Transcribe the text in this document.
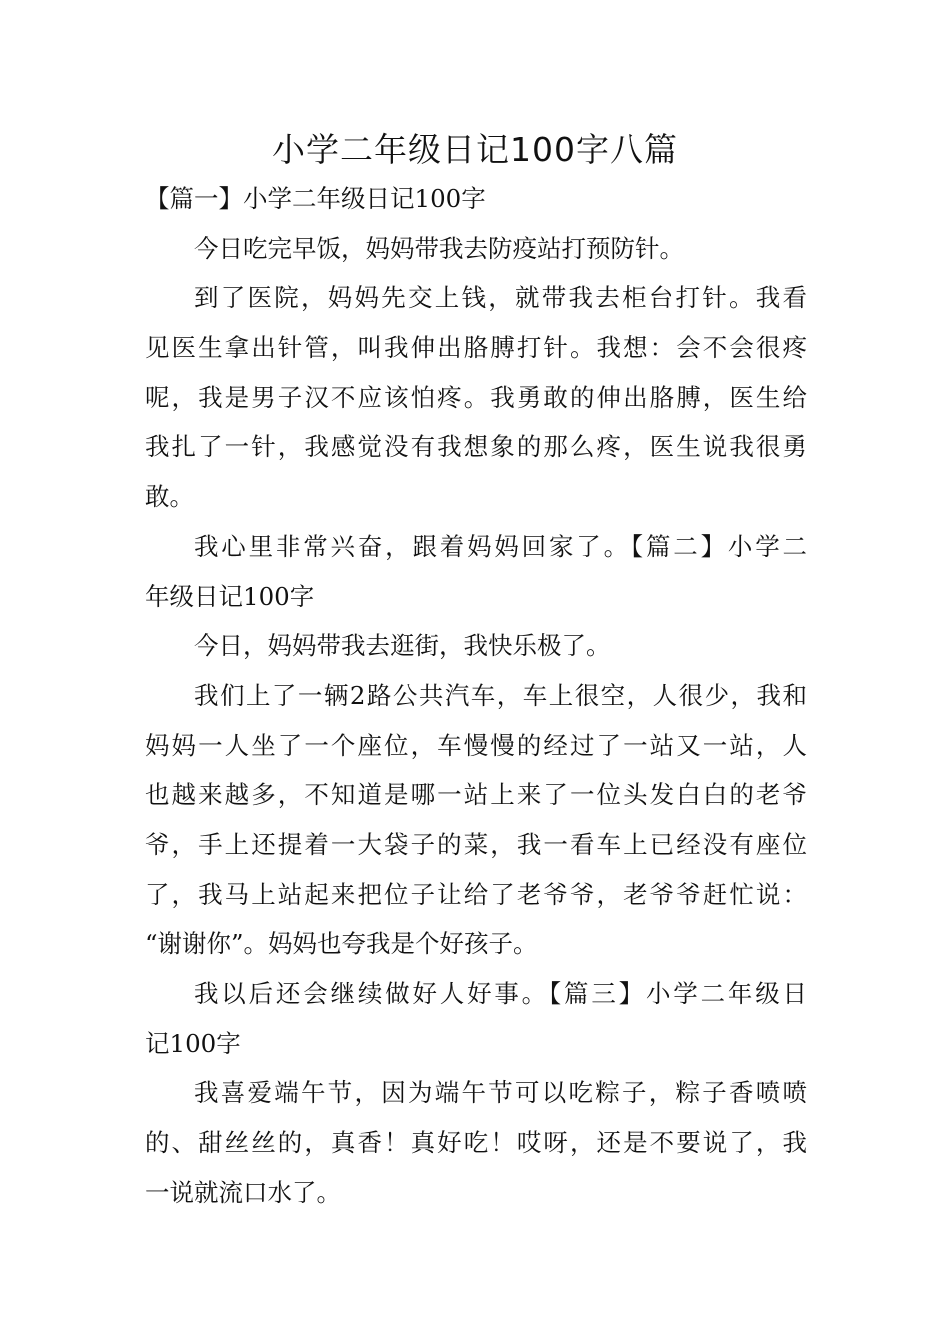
小学二年级日记100字八篇

【篇一】小学二年级日记100字

今日吃完早饭，妈妈带我去防疫站打预防针。

到了医院，妈妈先交上钱，就带我去柜台打针。我看

见医生拿出针管，叫我伸出胳膊打针。我想：会不会很疼

呢，我是男子汉不应该怕疼。我勇敢的伸出胳膊，医生给

我扎了一针，我感觉没有我想象的那么疼，医生说我很勇

敢。

我心里非常兴奋，跟着妈妈回家了。【篇二】小学二

年级日记100字

今日，妈妈带我去逛街，我快乐极了。

我们上了一辆2路公共汽车，车上很空，人很少，我和

妈妈一人坐了一个座位，车慢慢的经过了一站又一站，人

也越来越多，不知道是哪一站上来了一位头发白白的老爷

爷，手上还提着一大袋子的菜，我一看车上已经没有座位

了，我马上站起来把位子让给了老爷爷，老爷爷赶忙说：

“谢谢你”。妈妈也夸我是个好孩子。

我以后还会继续做好人好事。【篇三】小学二年级日

记100字

我喜爱端午节，因为端午节可以吃粽子，粽子香喷喷

的、甜丝丝的，真香！真好吃！哎呀，还是不要说了，我

一说就流口水了。
